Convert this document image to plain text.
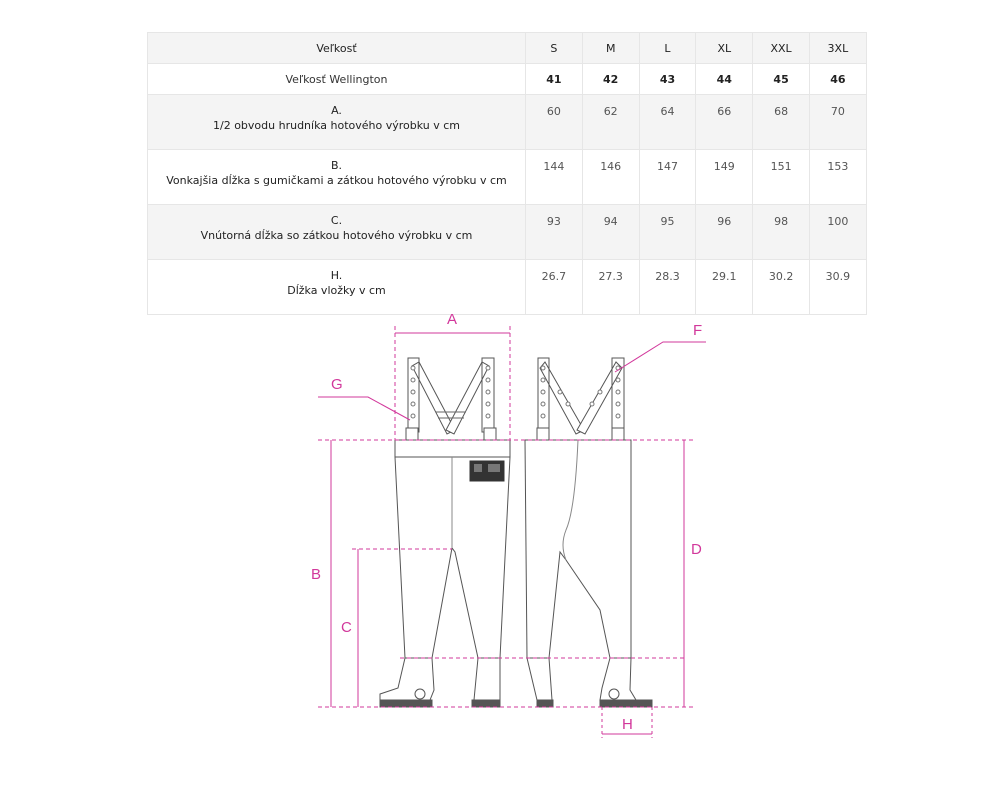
Veľkosť	S	M	L	XL	XXL	3XL
Veľkosť Wellington	41	42	43	44	45	46

A.
1/2 obvodu hrudníka hotového výrobku v cm	60	62	64	66	68	70

B.
Vonkajšia dĺžka s gumičkami a zátkou hotového výrobku v cm	144	146	147	149	151	153

C.
Vnútorná dĺžka so zátkou hotového výrobku v cm	93	94	95	96	98	100

H.
Dĺžka vložky v cm	26.7	27.3	28.3	29.1	30.2	30.9
A
F
G
B
C
D
H
